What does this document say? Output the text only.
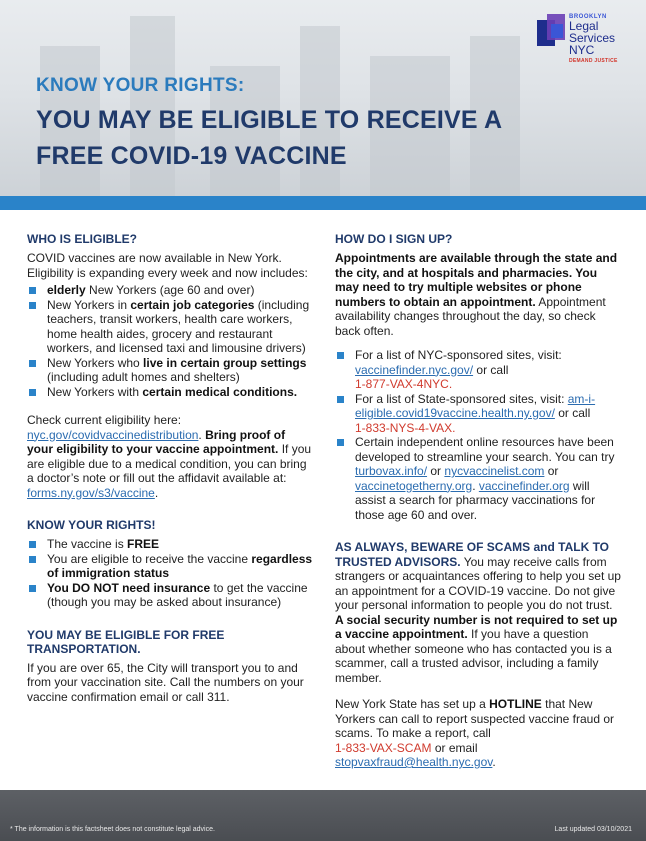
BROOKLYN
Legal
Services NYC
DEMAND JUSTICE
KNOW YOUR RIGHTS:
YOU MAY BE ELIGIBLE TO RECEIVE A
FREE COVID-19 VACCINE
WHO IS ELIGIBLE?

COVID vaccines are now available in New York. Eligibility is expanding every week and now includes:

elderly New Yorkers (age 60 and over)
New Yorkers in certain job categories (including teachers, transit workers, health care workers, home health aides, grocery and restaurant workers, and licensed taxi and limousine drivers)
New Yorkers who live in certain group settings (including adult homes and shelters)
New Yorkers with certain medical conditions.

Check current eligibility here:
nyc.gov/covidvaccinedistribution. Bring proof of your eligibility to your vaccine appointment. If you are eligible due to a medical condition, you can bring a doctor’s note or fill out the affidavit available at: forms.ny.gov/s3/vaccine.

KNOW YOUR RIGHTS!
The vaccine is FREE
You are eligible to receive the vaccine regardless of immigration status
You DO NOT need insurance to get the vaccine (though you may be asked about insurance)
YOU MAY BE ELIGIBLE FOR FREE TRANSPORTATION.

If you are over 65, the City will transport you to and from your vaccination site. Call the numbers on your vaccine confirmation email or call 311.

HOW DO I SIGN UP?

Appointments are available through the state and the city, and at hospitals and pharmacies. You may need to try multiple websites or phone numbers to obtain an appointment. Appointment availability changes throughout the day, so check back often.

For a list of NYC-sponsored sites, visit: vaccinefinder.nyc.gov/ or call
1-877-VAX-4NYC.
For a list of State-sponsored sites, visit: am-i-eligible.covid19vaccine.health.ny.gov/ or call
1-833-NYS-4-VAX.
Certain independent online resources have been developed to streamline your search. You can try turbovax.info/ or nycvaccinelist.com or vaccinetogetherny.org. vaccinefinder.org will assist a search for pharmacy vaccinations for those age 60 and over.

AS ALWAYS, BEWARE OF SCAMS and TALK TO TRUSTED ADVISORS. You may receive calls from strangers or acquaintances offering to help you set up an appointment for a COVID-19 vaccine. Do not give your personal information to people you do not trust. A social security number is not required to set up a vaccine appointment. If you have a question about whether someone who has contacted you is a scammer, call a trusted advisor, including a family member.

New York State has set up a HOTLINE that New Yorkers can call to report suspected vaccine fraud or scams. To make a report, call
1-833-VAX-SCAM or email
stopvaxfraud@health.nyc.gov.

* The information is this factsheet does not constitute legal advice.	Last updated 03/10/2021
